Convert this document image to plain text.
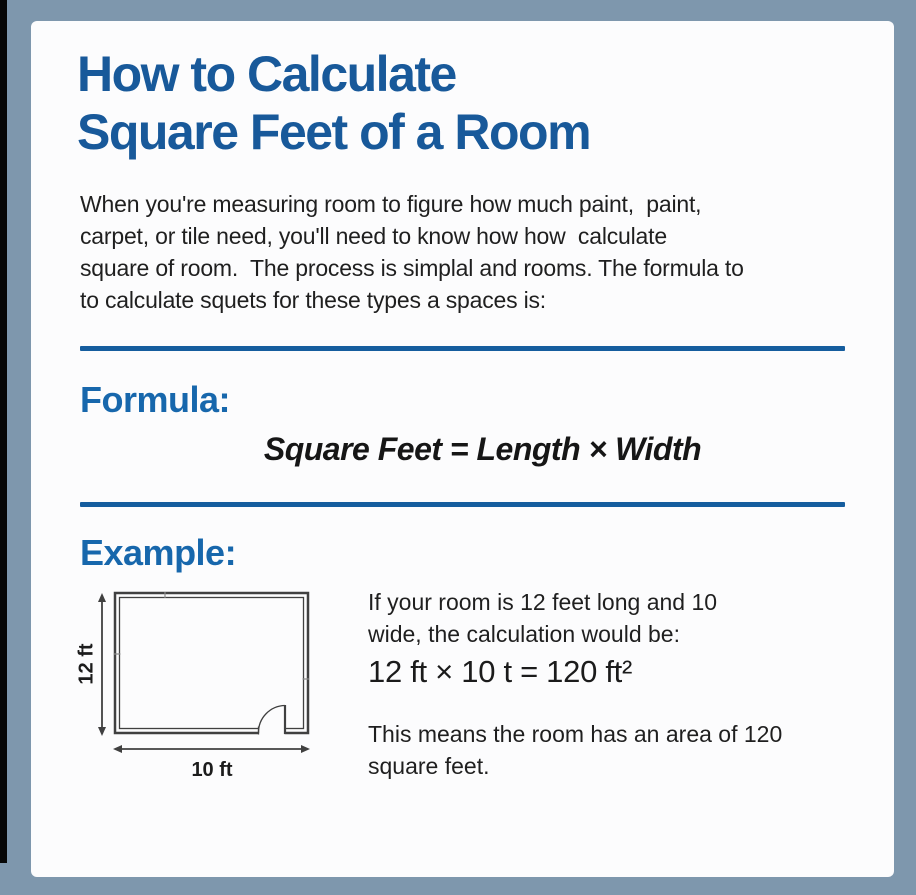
How to Calculate
Square Feet of a Room
When you're measuring room to figure how much paint,  paint,
carpet, or tile need, you'll need to know how how  calculate
square of room.  The process is simplal and rooms. The formula to
to calculate squets for these types a spaces is:
Formula:
Square Feet = Length × Width
Example:
12 ft
10 ft
If your room is 12 feet long and 10
wide, the calculation would be:
12 ft × 10 t = 120 ft²
This means the room has an area of 120
square feet.
